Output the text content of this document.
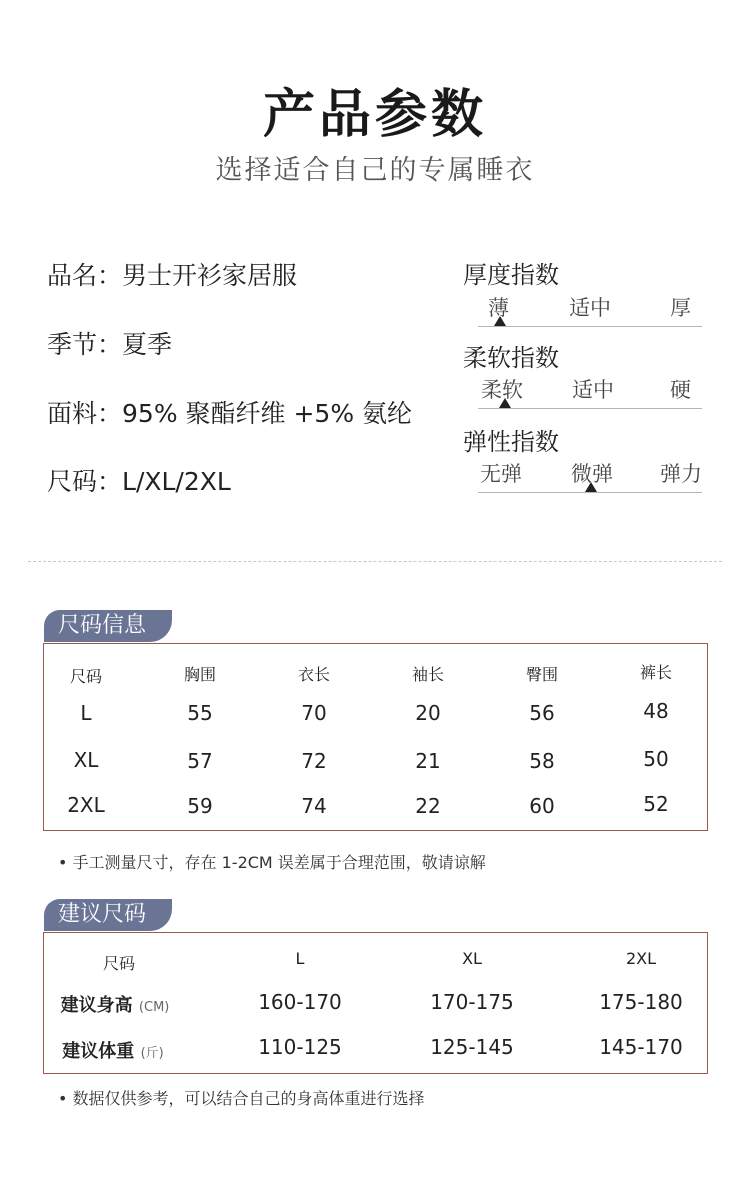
产品参数
选择适合自己的专属睡衣
品名：男士开衫家居服
季节：夏季
面料：95% 聚酯纤维 +5% 氨纶
尺码：L/XL/2XL
厚度指数
薄	适中	厚
柔软指数
柔软 适中	硬
弹性指数
无弹 微弹 弹力
尺码信息
尺码	胸围	衣长	袖长	臀围	裤长
L	55	70	20	56	48
XL	57	72	21	58	50
2XL	59	74	22	60	52
• 手工测量尺寸，存在 1-2CM 误差属于合理范围，敬请谅解
建议尺码
尺码	L	XL	2XL
建议身高 (CM)	160-170	170-175	175-180
建议体重 (斤)	110-125	125-145	145-170
• 数据仅供参考，可以结合自己的身高体重进行选择
